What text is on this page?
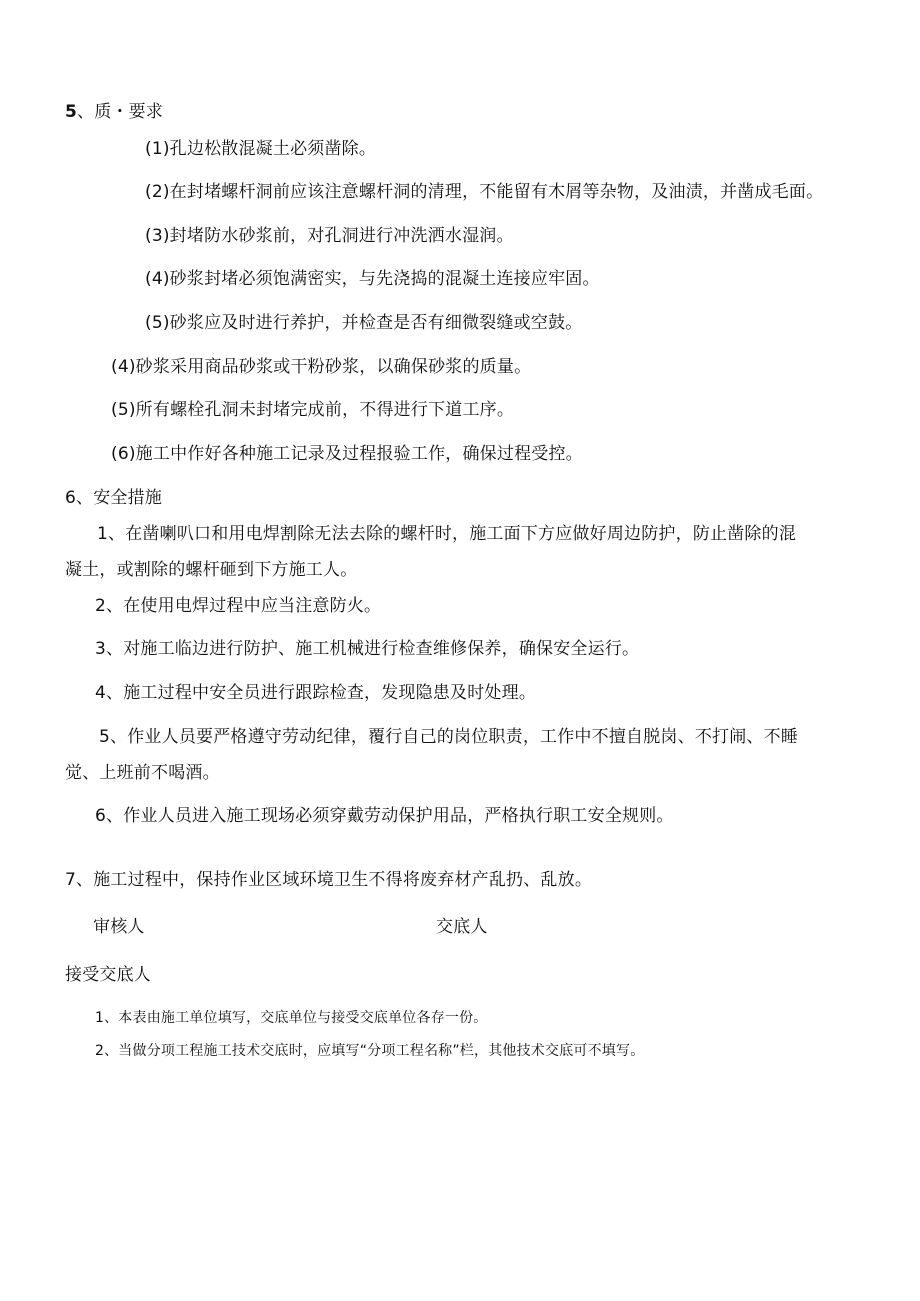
5、质・要求
(1)孔边松散混凝土必须凿除。
(2)在封堵螺杆洞前应该注意螺杆洞的清理，不能留有木屑等杂物，及油渍，并凿成毛面。
(3)封堵防水砂浆前，对孔洞进行冲洗洒水湿润。
(4)砂浆封堵必须饱满密实，与先浇捣的混凝土连接应牢固。
(5)砂浆应及时进行养护，并检查是否有细微裂缝或空鼓。
(4)砂浆采用商品砂浆或干粉砂浆，以确保砂浆的质量。
(5)所有螺栓孔洞未封堵完成前，不得进行下道工序。
(6)施工中作好各种施工记录及过程报验工作，确保过程受控。
6、安全措施
1、在凿喇叭口和用电焊割除无法去除的螺杆时，施工面下方应做好周边防护，防止凿除的混
凝土，或割除的螺杆砸到下方施工人。
2、在使用电焊过程中应当注意防火。
3、对施工临边进行防护、施工机械进行检查维修保养，确保安全运行。
4、施工过程中安全员进行跟踪检查，发现隐患及时处理。
5、作业人员要严格遵守劳动纪律，覆行自己的岗位职责，工作中不擅自脱岗、不打闹、不睡
觉、上班前不喝酒。
6、作业人员进入施工现场必须穿戴劳动保护用品，严格执行职工安全规则。
7、施工过程中，保持作业区域环境卫生不得将废弃材产乱扔、乱放。
审核人	交底人
接受交底人
1、本表由施工单位填写，交底单位与接受交底单位各存一份。
2、当做分项工程施工技术交底时，应填写“分项工程名称”栏，其他技术交底可不填写。
